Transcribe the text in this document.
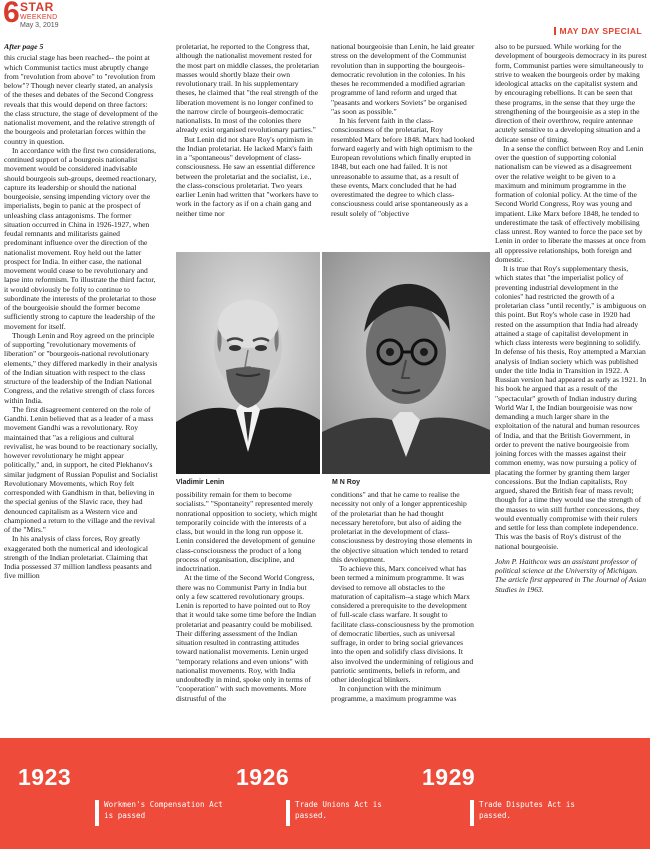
6 STAR
WEEKEND
May 3, 2019
MAY DAY SPECIAL

After page 5

this crucial stage has been reached-- the point at which Communist tactics must abruptly change from "revolution from above" to "revolution from below"? Though never clearly stated, an analysis of the theses and debates of the Second Congress reveals that this would depend on three factors: the class structure, the stage of development of the nationalist movement, and the relative strength of the bourgeois and proletarian forces within the country in question.

In accordance with the first two considerations, continued support of a bourgeois nationalist movement would be considered inadvisable should bourgeois sub-groups, deemed reactionary, capture its leadership or should the national bourgeoisie, sensing impending victory over the imperialists, begin to panic at the prospect of unleashing class antagonisms. The former situation occurred in China in 1926-1927, when feudal remnants and militarists gained predominant influence over the direction of the nationalist movement. Roy held out the latter prospect for India. In either case, the national movement would cease to be revolutionary and lapse into reformism. To illustrate the third factor, it would obviously be folly to continue to subordinate the interests of the proletariat to those of the bourgeoisie should the former become sufficiently strong to capture the leadership of the movement for itself.

Though Lenin and Roy agreed on the principle of supporting "revolutionary movements of liberation" or "bourgeois-national revolutionary elements," they differed markedly in their analysis of the Indian situation with respect to the class structure of the leadership of the Indian National Congress, and the relative strength of class forces within India.

The first disagreement centered on the role of Gandhi. Lenin believed that as a leader of a mass movement Gandhi was a revolutionary. Roy maintained that "as a religious and cultural revivalist, he was bound to be reactionary socially, however revolutionary he might appear politically," and, in support, he cited Plekhanov's similar judgment of Russian Populist and Socialist Revolutionary Movements, which Roy felt corresponded with Gandhism in that, believing in the special genius of the Slavic race, they had denounced capitalism as a Western vice and championed a return to the village and the revival of the "Mirs."

In his analysis of class forces, Roy greatly exaggerated both the numerical and ideological strength of the Indian proletariat. Claiming that India possessed 37 million landless peasants and five million

proletariat, he reported to the Congress that, although the nationalist movement rested for the most part on middle classes, the proletarian masses would shortly blaze their own revolutionary trail. In his supplementary theses, he claimed that "the real strength of the liberation movement is no longer confined to the narrow circle of bourgeois-democratic nationalists. In most of the colonies there already exist organised revolutionary parties."

But Lenin did not share Roy's optimism in the Indian proletariat. He lacked Marx's faith in a "spontaneous" development of class-consciousness. He saw an essential difference between the proletariat and the socialist, i.e., the class-conscious proletariat. Two years earlier Lenin had written that "workers have to work in the factory as if on a chain gang and neither time nor

national bourgeoisie than Lenin, he laid greater stress on the development of the Communist revolution than in supporting the bourgeois-democratic revolution in the colonies. In his theses he recommended a modified agrarian programme of land reform and urged that "peasants and workers Soviets" be organised "as soon as possible."

In his fervent faith in the class-consciousness of the proletariat, Roy resembled Marx before 1848. Marx had looked forward eagerly and with high optimism to the European revolutions which finally erupted in 1848, but each one had failed. It is not unreasonable to assume that, as a result of these events, Marx concluded that he had overestimated the degree to which class-consciousness could arise spontaneously as a result solely of "objective

Vladimir Lenin	M N Roy

possibility remain for them to become socialists." "Spontaneity" represented merely nonrational opposition to society, which might temporarily coincide with the interests of a class, but would in the long run oppose it. Lenin considered the development of genuine class-consciousness the product of a long process of organisation, discipline, and indoctrination.

At the time of the Second World Congress, there was no Communist Party in India but only a few scattered revolutionary groups. Lenin is reported to have pointed out to Roy that it would take some time before the Indian proletariat and peasantry could be mobilised. Their differing assessment of the Indian situation resulted in contrasting attitudes toward nationalist movements. Lenin urged "temporary relations and even unions" with nationalist movements. Roy, with India undoubtedly in mind, spoke only in terms of "cooperation" with such movements. More distrustful of the

conditions" and that he came to realise the necessity not only of a longer apprenticeship of the proletariat than he had thought necessary heretofore, but also of aiding the proletariat in the development of class-consciousness by destroying those elements in the objective situation which tended to retard this development.

To achieve this, Marx conceived what has been termed a minimum programme. It was devised to remove all obstacles to the maturation of capitalism--a stage which Marx considered a prerequisite to the development of full-scale class warfare. It sought to facilitate class-consciousness by the promotion of democratic liberties, such as universal suffrage, in order to bring social grievances into the open and solidify class divisions. It also involved the undermining of religious and patriotic sentiments, beliefs in reform, and other ideological blinkers.

In conjunction with the minimum programme, a maximum programme was

also to be pursued. While working for the development of bourgeois democracy in its purest form, Communist parties were simultaneously to strive to weaken the bourgeois order by making ideological attacks on the capitalist system and by encouraging rebellions. It can be seen that these programs, in the sense that they urge the strengthening of the bourgeoisie as a step in the direction of their overthrow, require antennae acutely sensitive to a developing situation and a delicate sense of timing.

In a sense the conflict between Roy and Lenin over the question of supporting colonial nationalism can be viewed as a disagreement over the relative weight to be given to a maximum and minimum programme in the formation of colonial policy. At the time of the Second World Congress, Roy was young and impatient. Like Marx before 1848, he tended to underestimate the task of effectively mobilising class unrest. Roy wanted to force the pace set by Lenin in order to liberate the masses at once from all oppressive relationships, both foreign and domestic.

It is true that Roy's supplementary thesis, which states that "the imperialist policy of preventing industrial development in the colonies" had restricted the growth of a proletarian class "until recently," is ambiguous on this point. But Roy's whole case in 1920 had rested on the assumption that India had already attained a stage of capitalist development in which class interests were beginning to solidify. In defense of his thesis, Roy attempted a Marxian analysis of Indian society which was published under the title India in Transition in 1922. A Russian version had appeared as early as 1921. In his book he argued that as a result of the "spectacular" growth of Indian industry during World War I, the Indian bourgeoisie was now demanding a much larger share in the exploitation of the natural and human resources of India, and that the British Government, in order to prevent the native bourgeoisie from joining forces with the masses against their common enemy, was now pursuing a policy of placating the former by granting them larger concessions. But the Indian capitalists, Roy argued, shared the British fear of mass revolt; though for a time they would use the strength of the masses to win still further concessions, they would eventually compromise with their rulers and settle for less than complete independence. This was the basis of Roy's distrust of the national bourgeoisie.

John P. Haithcox was an assistant professor of political science at the University of Michigan. The article first appeared in The Journal of Asian Studies in 1963.

1923
Workmen's Compensation Act is passed
1926
Trade Unions Act is passed.
1929
Trade Disputes Act is passed.
